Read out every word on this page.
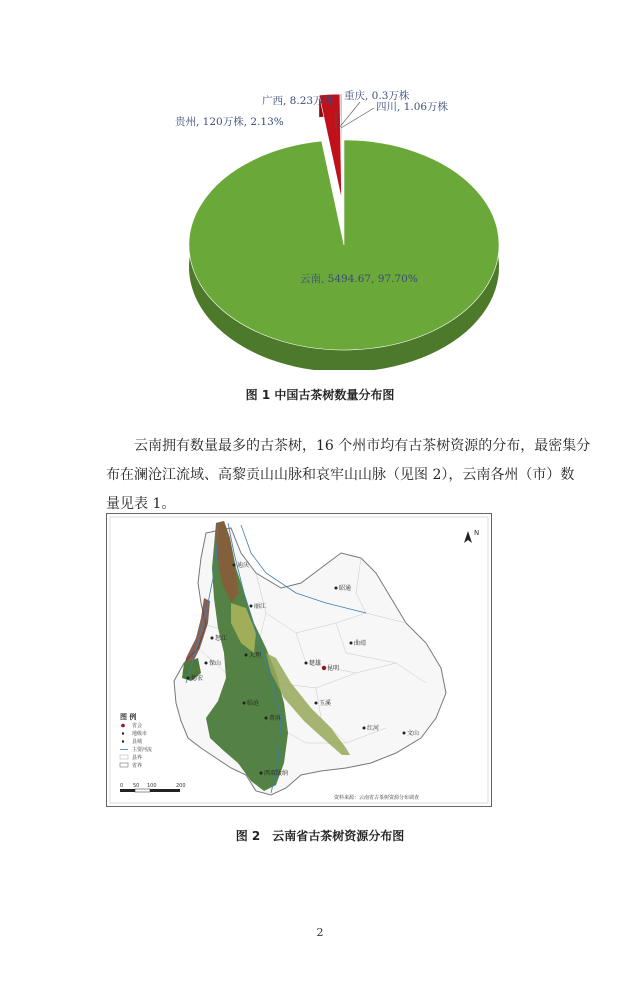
云南, 5494.67, 97.70%
贵州, 120万株, 2.13%
广西, 8.23万株 重庆, 0.3万株
四川, 1.06万株
图 1 中国古茶树数量分布图
云南拥有数量最多的古茶树，16 个州市均有古茶树资源的分布，最密集分
布在澜沧江流域、高黎贡山山脉和哀牢山山脉（见图 2），云南各州（市）数
量见表 1。
迪庆
丽江
怒江
大理
保山
德宏
临沧
普洱
西双版纳
楚雄
昆明
曲靖
昭通
玉溪
红河
文山
N
图 例
省会
地级市
县城
主要河流
县界
省界
0 50 100	200
资料来源：云南省古茶树资源分布调查
图 2　云南省古茶树资源分布图
2
